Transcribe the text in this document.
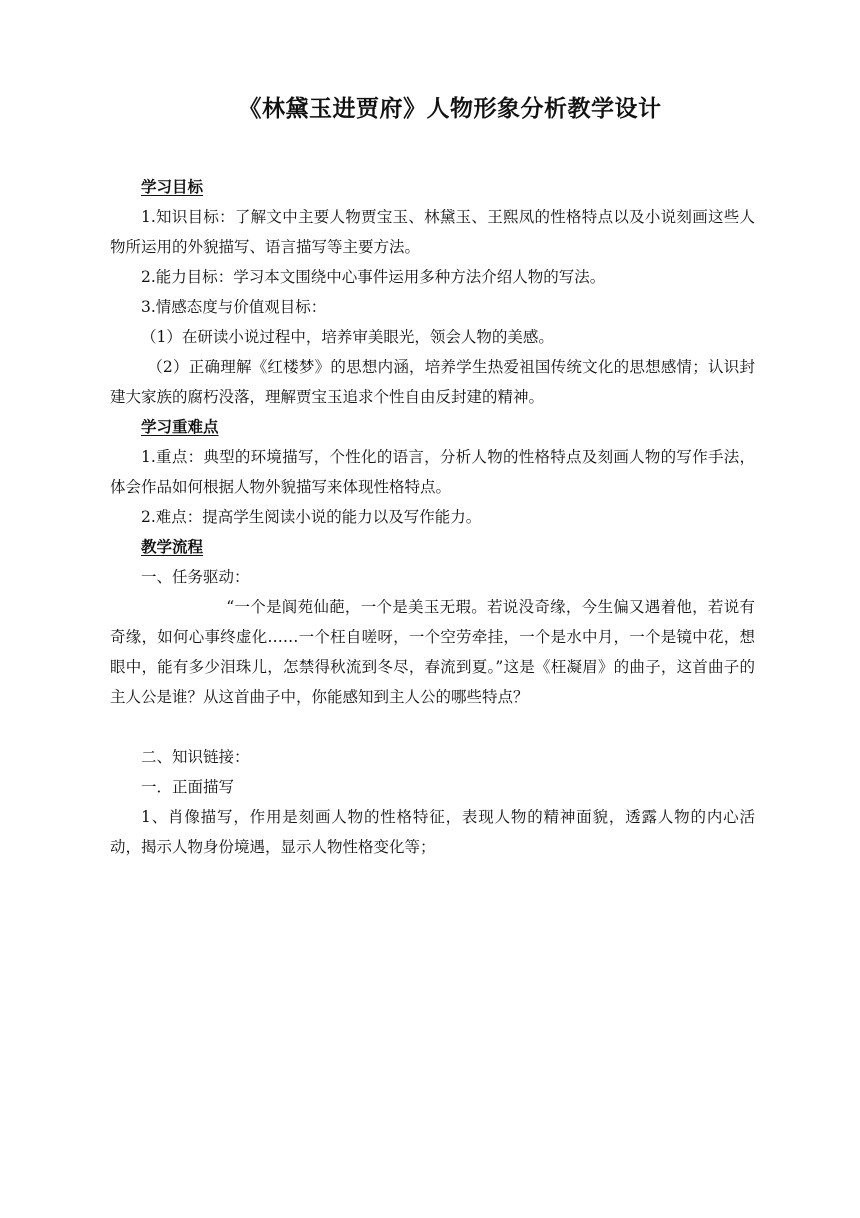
《林黛玉进贾府》人物形象分析教学设计

学习目标

1.知识目标：了解文中主要人物贾宝玉、林黛玉、王熙凤的性格特点以及小说刻画这些人物所运用的外貌描写、语言描写等主要方法。

2.能力目标：学习本文围绕中心事件运用多种方法介绍人物的写法。

3.情感态度与价值观目标：

（1）在研读小说过程中，培养审美眼光，领会人物的美感。

（2）正确理解《红楼梦》的思想内涵，培养学生热爱祖国传统文化的思想感情；认识封建大家族的腐朽没落，理解贾宝玉追求个性自由反封建的精神。

学习重难点

1.重点：典型的环境描写，个性化的语言，分析人物的性格特点及刻画人物的写作手法，体会作品如何根据人物外貌描写来体现性格特点。

2.难点：提高学生阅读小说的能力以及写作能力。

教学流程

一、任务驱动：

“一个是阆苑仙葩，一个是美玉无瑕。若说没奇缘，今生偏又遇着他，若说有奇缘，如何心事终虚化……一个枉自嗟呀，一个空劳牵挂，一个是水中月，一个是镜中花，想眼中，能有多少泪珠儿，怎禁得秋流到冬尽，春流到夏。”这是《枉凝眉》的曲子，这首曲子的主人公是谁？从这首曲子中，你能感知到主人公的哪些特点？

二、知识链接：

一．正面描写

1、肖像描写，作用是刻画人物的性格特征，表现人物的精神面貌，透露人物的内心活动，揭示人物身份境遇，显示人物性格变化等；
